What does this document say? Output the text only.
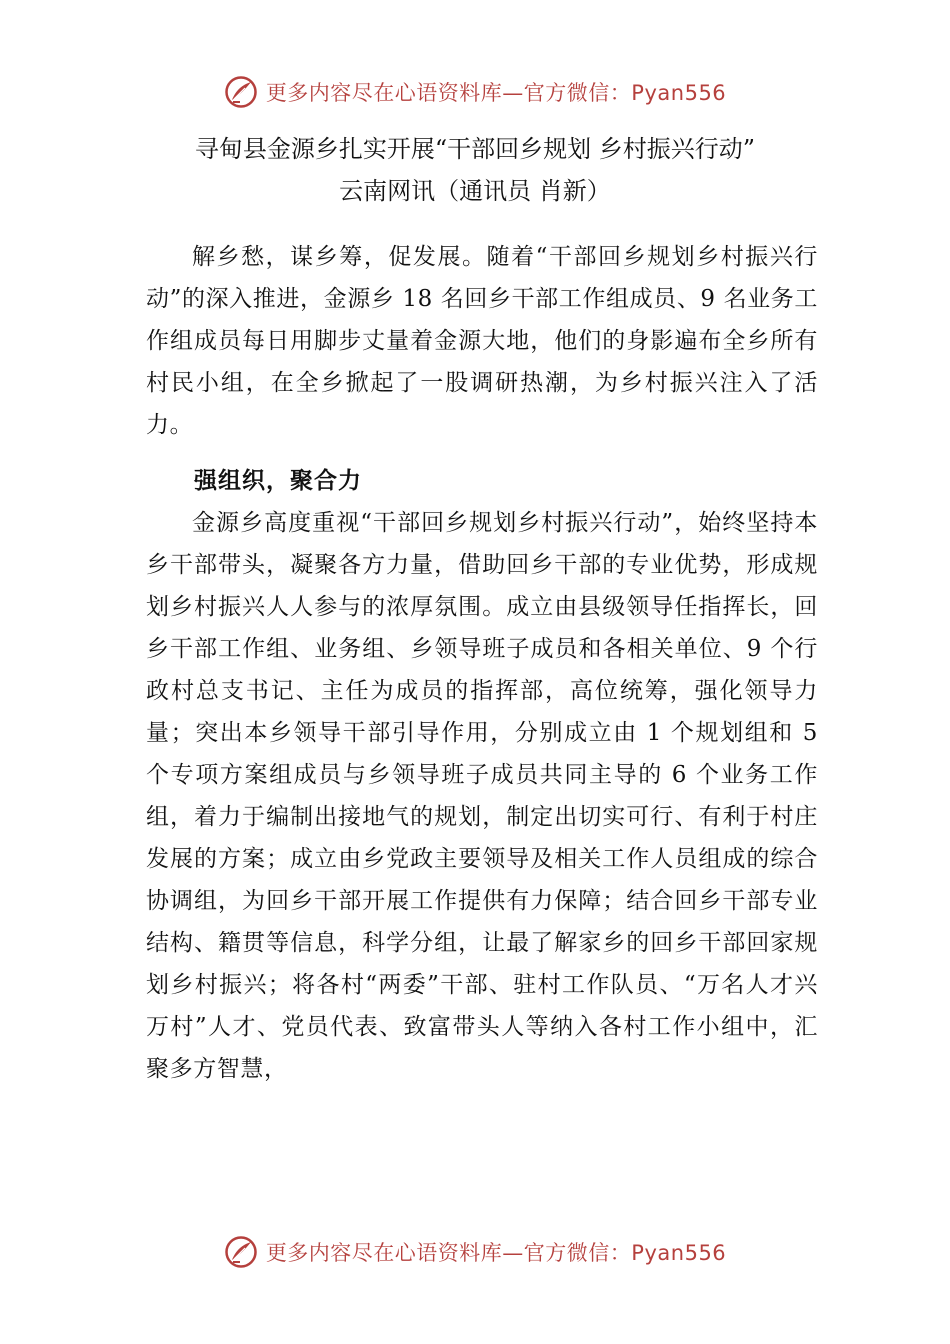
更多内容尽在心语资料库—官方微信：Pyan556
寻甸县金源乡扎实开展“干部回乡规划 乡村振兴行动”

云南网讯（通讯员 肖新）

解乡愁，谋乡筹，促发展。随着“干部回乡规划乡村振兴行动”的深入推进，金源乡 18 名回乡干部工作组成员、9 名业务工作组成员每日用脚步丈量着金源大地，他们的身影遍布全乡所有村民小组，在全乡掀起了一股调研热潮，为乡村振兴注入了活力。

强组织，聚合力

金源乡高度重视“干部回乡规划乡村振兴行动”，始终坚持本乡干部带头，凝聚各方力量，借助回乡干部的专业优势，形成规划乡村振兴人人参与的浓厚氛围。成立由县级领导任指挥长，回乡干部工作组、业务组、乡领导班子成员和各相关单位、9 个行政村总支书记、主任为成员的指挥部，高位统筹，强化领导力量；突出本乡领导干部引导作用，分别成立由 1 个规划组和 5 个专项方案组成员与乡领导班子成员共同主导的 6 个业务工作组，着力于编制出接地气的规划，制定出切实可行、有利于村庄发展的方案；成立由乡党政主要领导及相关工作人员组成的综合协调组，为回乡干部开展工作提供有力保障；结合回乡干部专业结构、籍贯等信息，科学分组，让最了解家乡的回乡干部回家规划乡村振兴；将各村“两委”干部、驻村工作队员、“万名人才兴万村”人才、党员代表、致富带头人等纳入各村工作小组中，汇聚多方智慧，

更多内容尽在心语资料库—官方微信：Pyan556
